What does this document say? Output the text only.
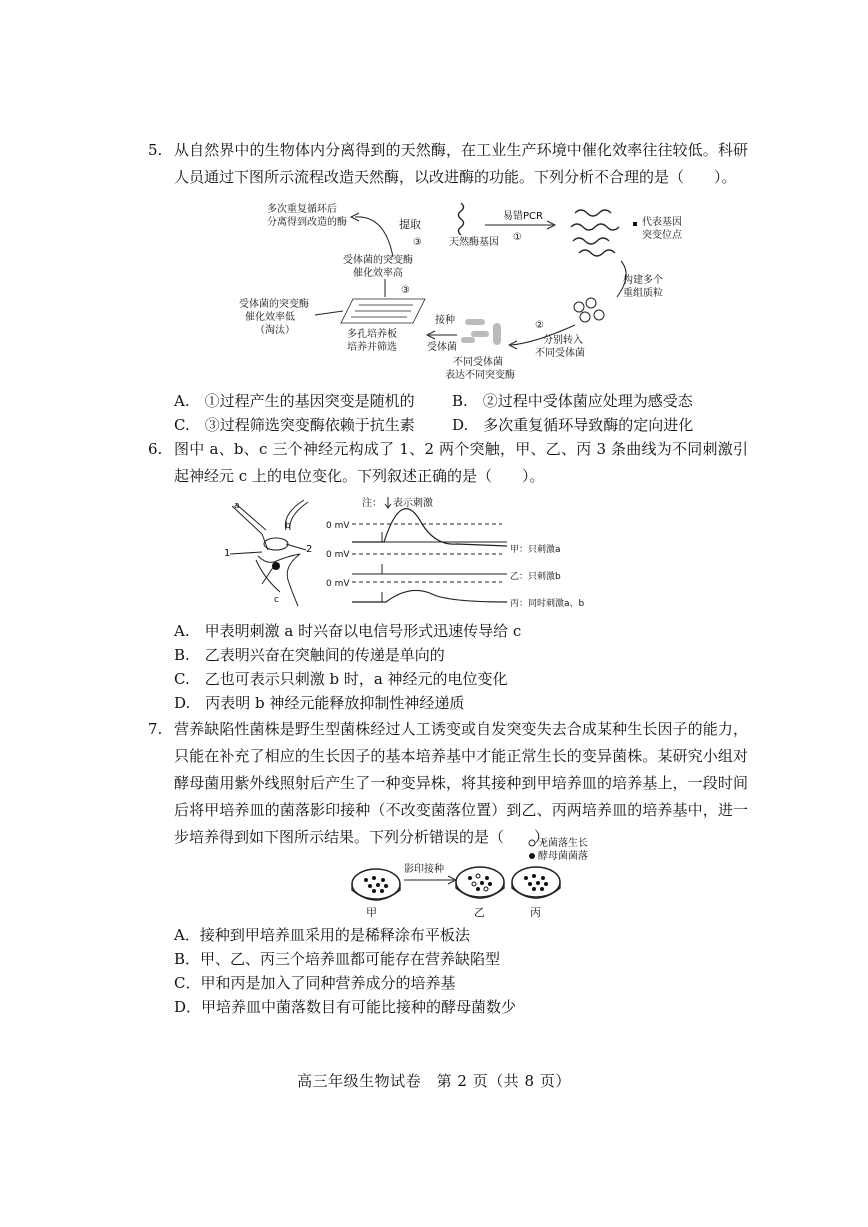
5. 从自然界中的生物体内分离得到的天然酶，在工业生产环境中催化效率往往较低。科研人员通过下图所示流程改造天然酶，以改进酶的功能。下列分析不合理的是（　　）。
多次重复循环后
分离得到改造的酶	提取
③	天然酶基因
易错PCR
①
代表基因
突变位点
构建多个
重组质粒
②
分别转入
不同受体菌
不同受体菌
表达不同突变酶
接种
受体菌
多孔培养板
培养并筛选
受体菌的突变酶
催化效率高
③
受体菌的突变酶
催化效率低
（淘汰）
A.　①过程产生的基因突变是随机的 B.　②过程中受体菌应处理为感受态
C.　③过程筛选突变酶依赖于抗生素 D.　多次重复循环导致酶的定向进化
6. 图中 a、b、c 三个神经元构成了 1、2 两个突触，甲、乙、丙 3 条曲线为不同刺激引起神经元 c 上的电位变化。下列叙述正确的是（　　）。
a
b
c
1	2
注： 表示刺激
0 mV
甲：只刺激a
0 mV
乙：只刺激b
0 mV
丙：同时刺激a、b
A.　甲表明刺激 a 时兴奋以电信号形式迅速传导给 c
B.　乙表明兴奋在突触间的传递是单向的
C.　乙也可表示只刺激 b 时，a 神经元的电位变化
D.　丙表明 b 神经元能释放抑制性神经递质
7. 营养缺陷性菌株是野生型菌株经过人工诱变或自发突变失去合成某种生长因子的能力，只能在补充了相应的生长因子的基本培养基中才能正常生长的变异菌株。某研究小组对酵母菌用紫外线照射后产生了一种变异株，将其接种到甲培养皿的培养基上，一段时间后将甲培养皿的菌落影印接种（不改变菌落位置）到乙、丙两培养皿的培养基中，进一步培养得到如下图所示结果。下列分析错误的是（　　）。
无菌落生长
酵母菌菌落
甲
影印接种
乙	丙
A．接种到甲培养皿采用的是稀释涂布平板法
B．甲、乙、丙三个培养皿都可能存在营养缺陷型
C．甲和丙是加入了同种营养成分的培养基
D．甲培养皿中菌落数目有可能比接种的酵母菌数少
高三年级生物试卷　第 2 页（共 8 页）
